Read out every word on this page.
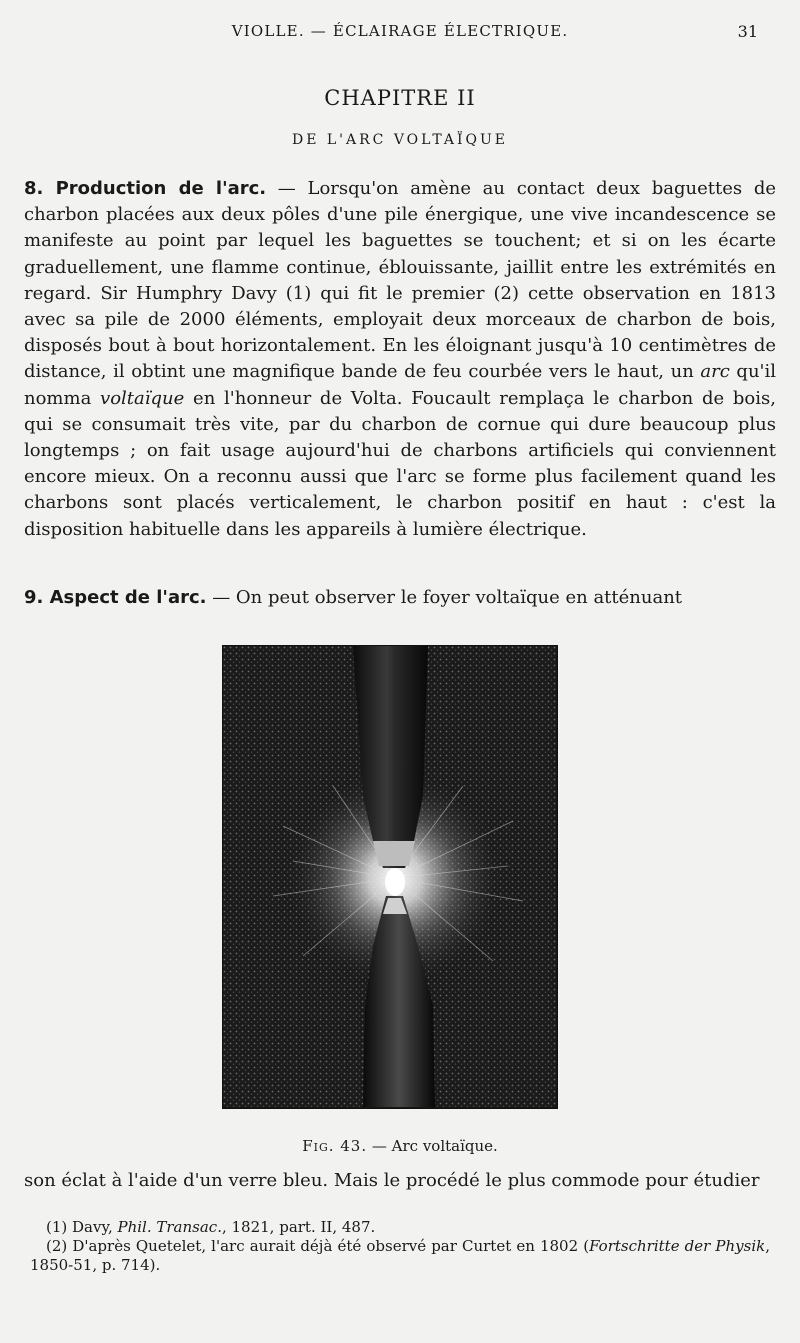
VIOLLE. — ÉCLAIRAGE ÉLECTRIQUE.	31
CHAPITRE II
DE L'ARC VOLTAÏQUE
8. Production de l'arc. — Lorsqu'on amène au contact deux baguettes de charbon placées aux deux pôles d'une pile énergique, une vive incandescence se manifeste au point par lequel les baguettes se touchent; et si on les écarte graduellement, une flamme continue, éblouissante, jaillit entre les extrémités en regard. Sir Humphry Davy (1) qui fit le premier (2) cette observation en 1813 avec sa pile de 2000 éléments, employait deux morceaux de charbon de bois, disposés bout à bout horizontalement. En les éloignant jusqu'à 10 centimètres de distance, il obtint une magnifique bande de feu courbée vers le haut, un arc qu'il nomma voltaïque en l'honneur de Volta. Foucault remplaça le charbon de bois, qui se consumait très vite, par du charbon de cornue qui dure beaucoup plus longtemps ; on fait usage aujourd'hui de charbons artificiels qui conviennent encore mieux. On a reconnu aussi que l'arc se forme plus facilement quand les charbons sont placés verticalement, le charbon positif en haut : c'est la disposition habituelle dans les appareils à lumière électrique.
9. Aspect de l'arc. — On peut observer le foyer voltaïque en atténuant
Fig. 43. — Arc voltaïque.
son éclat à l'aide d'un verre bleu. Mais le procédé le plus commode pour étudier

(1) Davy, Phil. Transac., 1821, part. II, 487.

(2) D'après Quetelet, l'arc aurait déjà été observé par Curtet en 1802 (Fortschritte der Physik, 1850-51, p. 714).
